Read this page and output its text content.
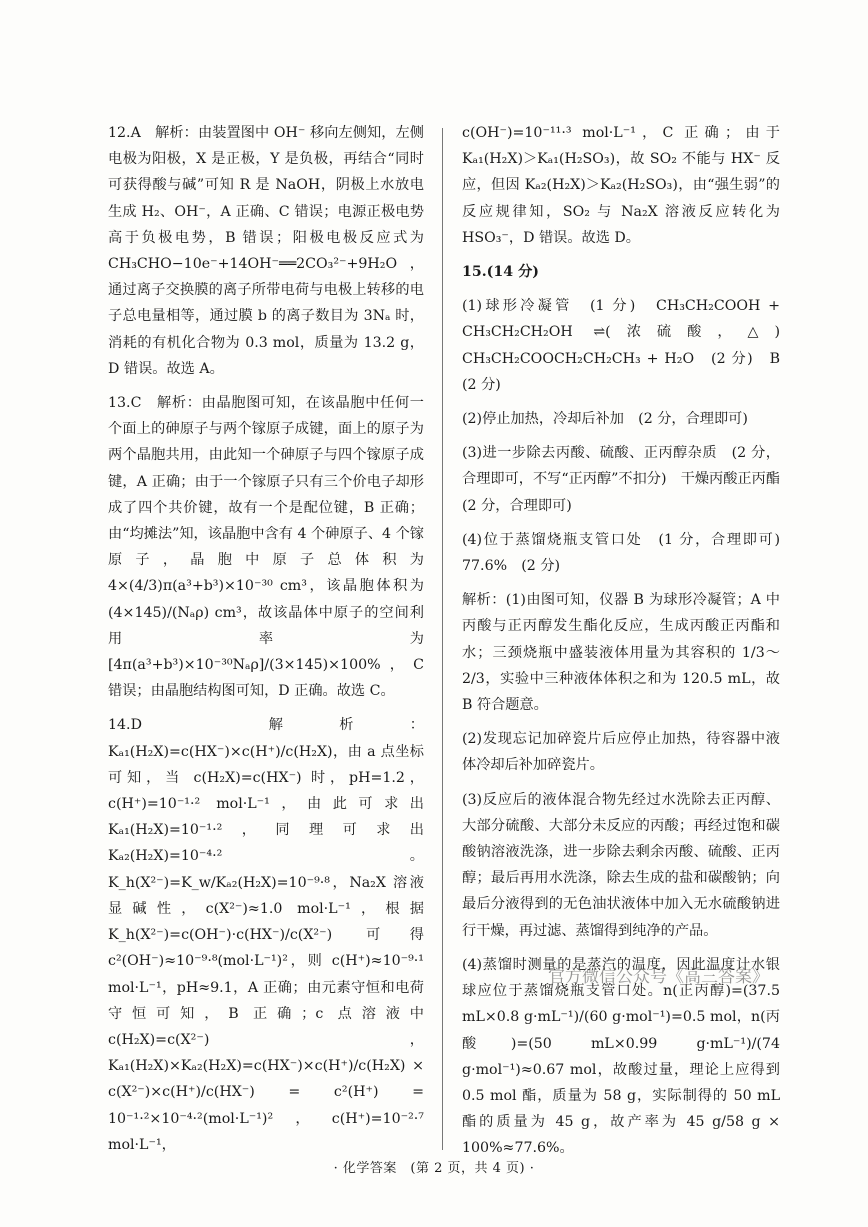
12.A　解析：由装置图中 OH⁻ 移向左侧知，左侧电极为阳极，X 是正极，Y 是负极，再结合“同时可获得酸与碱”可知 R 是 NaOH，阴极上水放电生成 H₂、OH⁻，A 正确、C 错误；电源正极电势高于负极电势，B 错误；阳极电极反应式为 CH₃CHO−10e⁻+14OH⁻══2CO₃²⁻+9H₂O，通过离子交换膜的离子所带电荷与电极上转移的电子总电量相等，通过膜 b 的离子数目为 3Nₐ 时，消耗的有机化合物为 0.3 mol，质量为 13.2 g，D 错误。故选 A。

13.C　解析：由晶胞图可知，在该晶胞中任何一个面上的砷原子与两个镓原子成键，面上的原子为两个晶胞共用，由此知一个砷原子与四个镓原子成键，A 正确；由于一个镓原子只有三个价电子却形成了四个共价键，故有一个是配位键，B 正确；由“均摊法”知，该晶胞中含有 4 个砷原子、4 个镓原子，晶胞中原子总体积为 4×(4/3)π(a³+b³)×10⁻³⁰ cm³，该晶胞体积为 (4×145)/(Nₐρ) cm³，故该晶体中原子的空间利用率为 [4π(a³+b³)×10⁻³⁰Nₐρ]/(3×145)×100%，C 错误；由晶胞结构图可知，D 正确。故选 C。

14.D　解析：Kₐ₁(H₂X)=c(HX⁻)×c(H⁺)/c(H₂X)，由 a 点坐标可知，当 c(H₂X)=c(HX⁻) 时，pH=1.2，c(H⁺)=10⁻¹·² mol·L⁻¹，由此可求出 Kₐ₁(H₂X)=10⁻¹·²，同理可求出 Kₐ₂(H₂X)=10⁻⁴·²。K_h(X²⁻)=K_w/Kₐ₂(H₂X)=10⁻⁹·⁸，Na₂X 溶液显碱性，c(X²⁻)≈1.0 mol·L⁻¹，根据 K_h(X²⁻)=c(OH⁻)·c(HX⁻)/c(X²⁻) 可得 c²(OH⁻)≈10⁻⁹·⁸(mol·L⁻¹)²，则 c(H⁺)≈10⁻⁹·¹ mol·L⁻¹，pH≈9.1，A 正确；由元素守恒和电荷守恒可知，B 正确；c 点溶液中 c(H₂X)=c(X²⁻)，Kₐ₁(H₂X)×Kₐ₂(H₂X)=c(HX⁻)×c(H⁺)/c(H₂X) × c(X²⁻)×c(H⁺)/c(HX⁻) = c²(H⁺) = 10⁻¹·²×10⁻⁴·²(mol·L⁻¹)²，c(H⁺)=10⁻²·⁷ mol·L⁻¹，

c(OH⁻)=10⁻¹¹·³ mol·L⁻¹，C 正确；由于 Kₐ₁(H₂X)＞Kₐ₁(H₂SO₃)，故 SO₂ 不能与 HX⁻ 反应，但因 Kₐ₂(H₂X)＞Kₐ₂(H₂SO₃)，由“强生弱”的反应规律知，SO₂ 与 Na₂X 溶液反应转化为 HSO₃⁻，D 错误。故选 D。

15.(14 分)

(1)球形冷凝管　(1 分)　CH₃CH₂COOH + CH₃CH₂CH₂OH ⇌(浓硫酸，△) CH₃CH₂COOCH₂CH₂CH₃ + H₂O　(2 分)　B　(2 分)

(2)停止加热，冷却后补加　(2 分，合理即可)

(3)进一步除去丙酸、硫酸、正丙醇杂质　(2 分，合理即可，不写“正丙醇”不扣分)　干燥丙酸正丙酯　(2 分，合理即可)

(4)位于蒸馏烧瓶支管口处　(1 分，合理即可)　77.6%　(2 分)

解析：(1)由图可知，仪器 B 为球形冷凝管；A 中丙酸与正丙醇发生酯化反应，生成丙酸正丙酯和水；三颈烧瓶中盛装液体用量为其容积的 1/3～2/3，实验中三种液体体积之和为 120.5 mL，故 B 符合题意。

(2)发现忘记加碎瓷片后应停止加热，待容器中液体冷却后补加碎瓷片。

(3)反应后的液体混合物先经过水洗除去正丙醇、大部分硫酸、大部分未反应的丙酸；再经过饱和碳酸钠溶液洗涤，进一步除去剩余丙酸、硫酸、正丙醇；最后再用水洗涤，除去生成的盐和碳酸钠；向最后分液得到的无色油状液体中加入无水硫酸钠进行干燥，再过滤、蒸馏得到纯净的产品。

(4)蒸馏时测量的是蒸汽的温度，因此温度计水银球应位于蒸馏烧瓶支管口处。n(正丙醇)=(37.5 mL×0.8 g·mL⁻¹)/(60 g·mol⁻¹)=0.5 mol，n(丙酸)=(50 mL×0.99 g·mL⁻¹)/(74 g·mol⁻¹)≈0.67 mol，故酸过量，理论上应得到 0.5 mol 酯，质量为 58 g，实际制得的 50 mL 酯的质量为 45 g，故产率为 45 g/58 g × 100%≈77.6%。

官方微信公众号《高三答案》
· 化学答案　(第 2 页，共 4 页) ·
